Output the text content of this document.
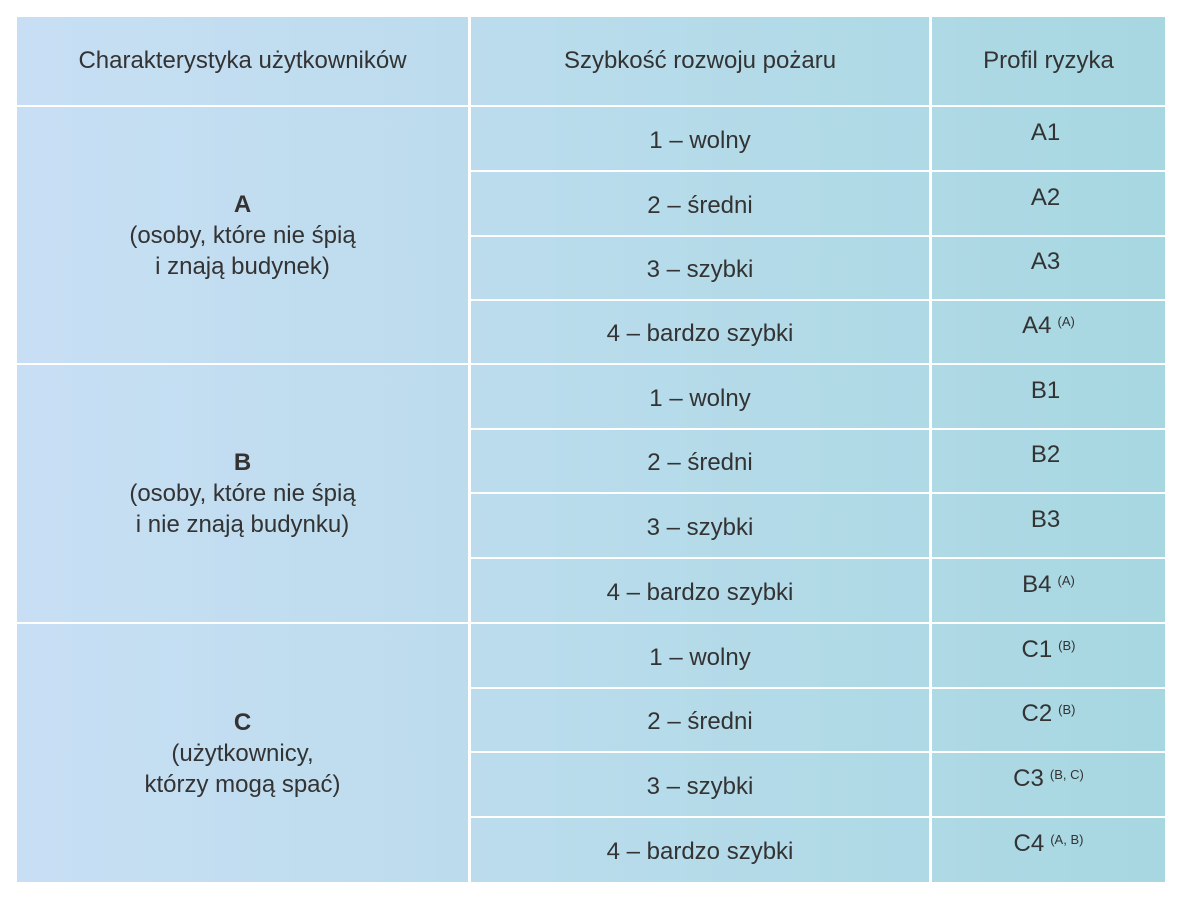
Charakterystyka użytkowników	Szybkość rozwoju pożaru	Profil ryzyka
A
(osoby, które nie śpią
i znają budynek)
1 – wolny	A1
2 – średni	A2
3 – szybki	A3
4 – bardzo szybki	A4 $^{(A)}$
B
(osoby, które nie śpią
i nie znają budynku)
1 – wolny	B1
2 – średni	B2
3 – szybki	B3
4 – bardzo szybki	B4 $^{(A)}$
C
(użytkownicy,
którzy mogą spać)
1 – wolny	C1 $^{(B)}$
2 – średni	C2 $^{(B)}$
3 – szybki	C3 $^{(B, C)}$
4 – bardzo szybki	C4 $^{(A, B)}$
